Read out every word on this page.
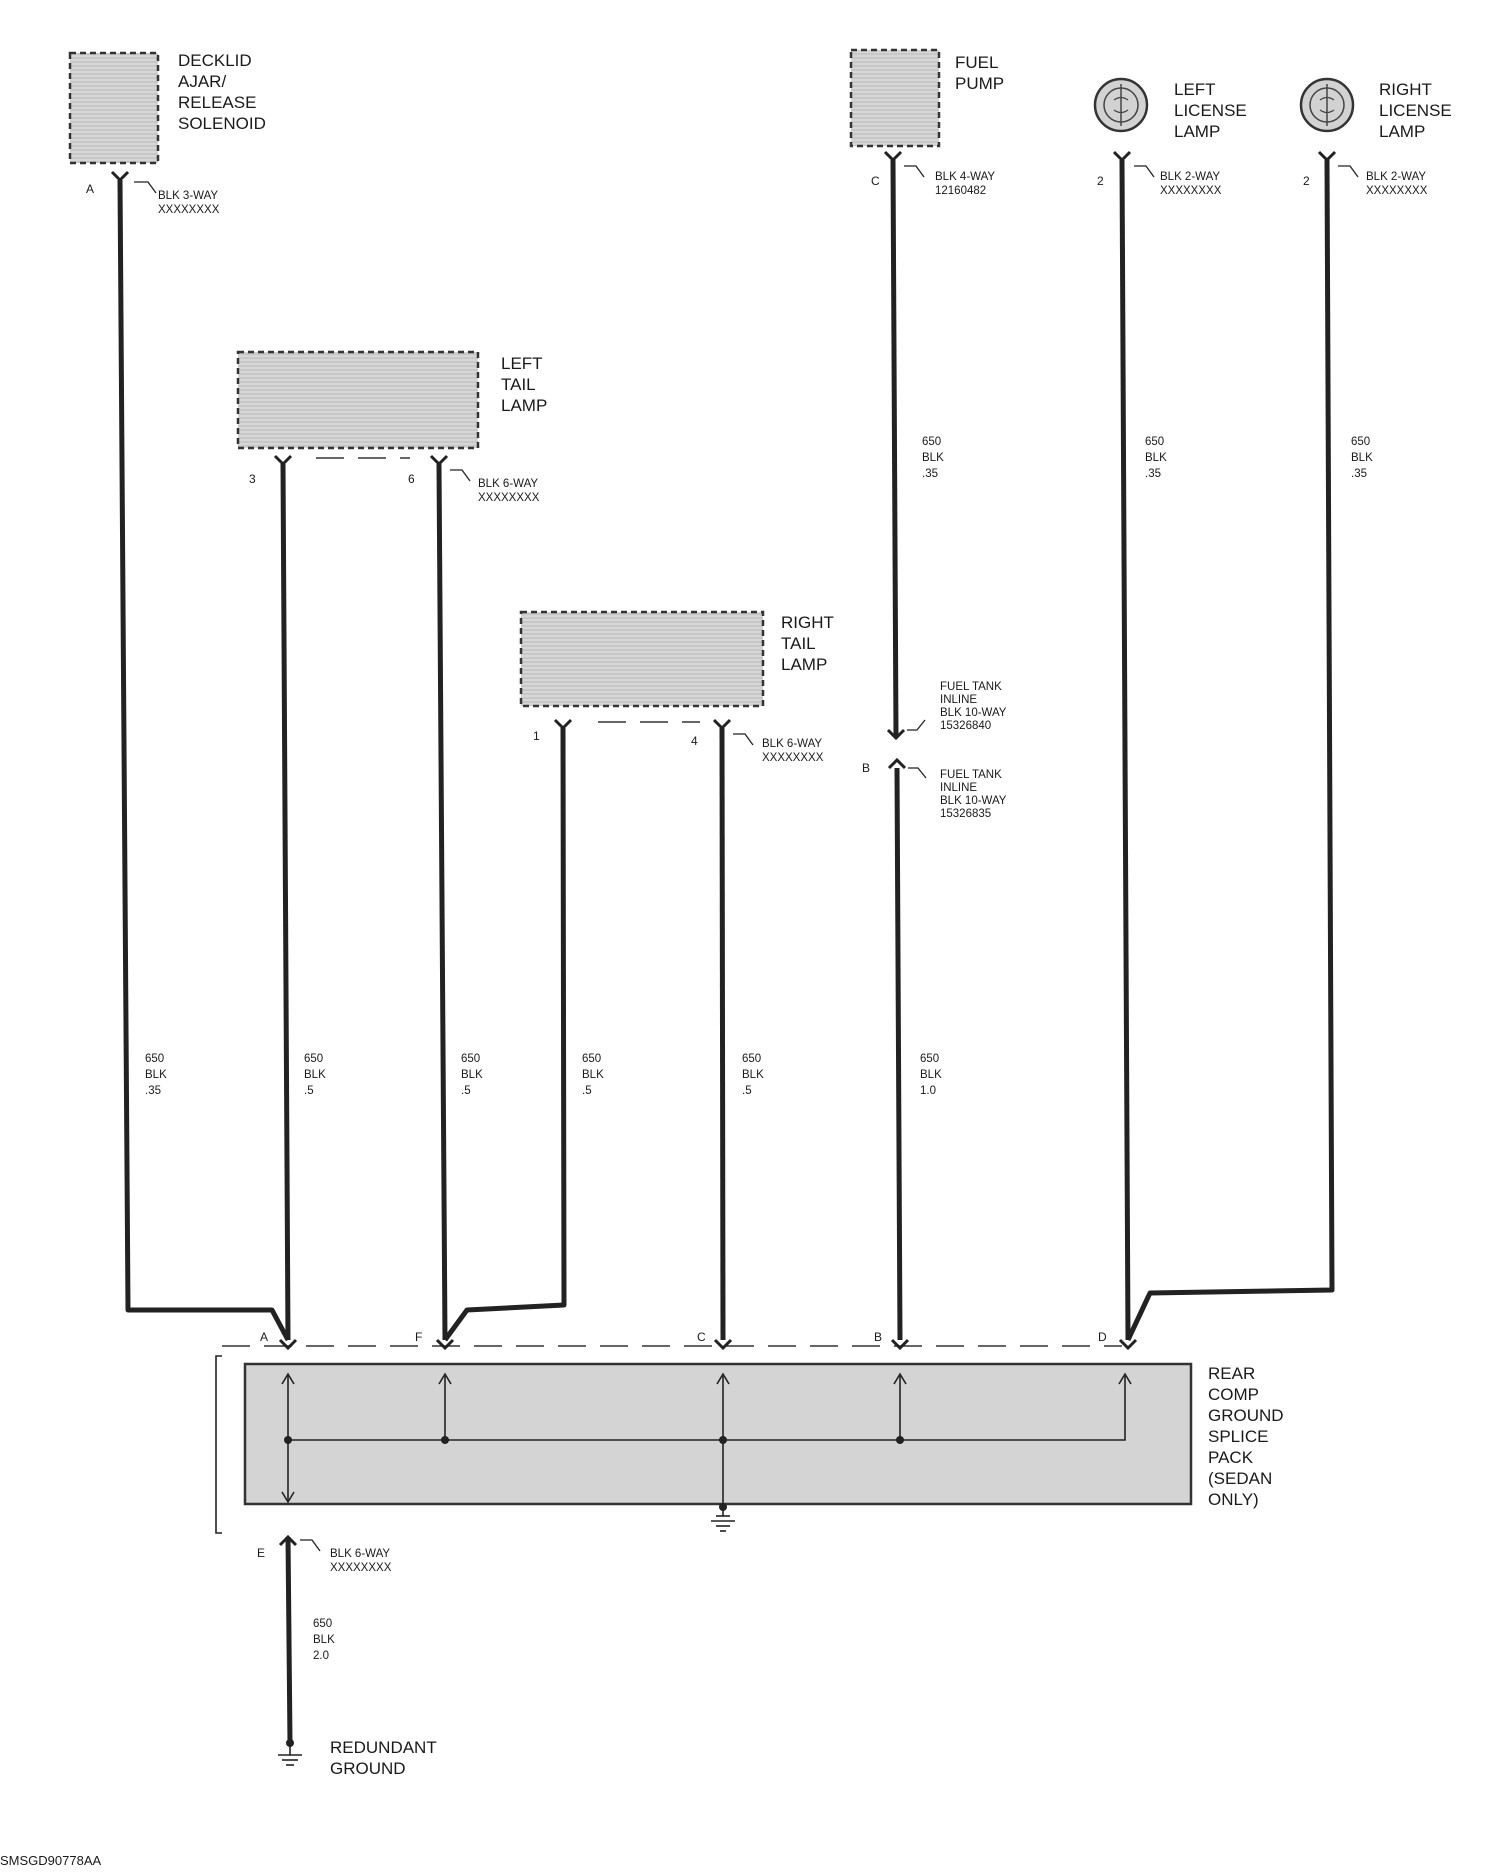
DECKLID AJAR/ RELEASE SOLENOID
FUEL PUMP	LEFT LICENSE LAMP
RIGHT LICENSE LAMP
LEFT TAIL LAMP
RIGHT TAIL LAMP
REAR COMP GROUND SPLICE PACK (SEDAN ONLY)
REDUNDANT GROUND
BLK 3-WAY XXXXXXXX
BLK 4-WAY 12160482
BLK 2-WAY XXXXXXXX
BLK 2-WAY XXXXXXXX
BLK 6-WAY XXXXXXXX
BLK 6-WAY XXXXXXXX
FUEL TANK INLINE BLK 10-WAY 15326840
FUEL TANK INLINE BLK 10-WAY 15326835
BLK 6-WAY XXXXXXXX
A
C	2	2
3	6
1	4
B
A	F	C	B	D
E
650 BLK .35
650 BLK .35
650 BLK .35
650 BLK .35
650 BLK .5
650 BLK .5
650 BLK .5
650 BLK .5
650 BLK 1.0
650 BLK 2.0
SMSGD90778AA
